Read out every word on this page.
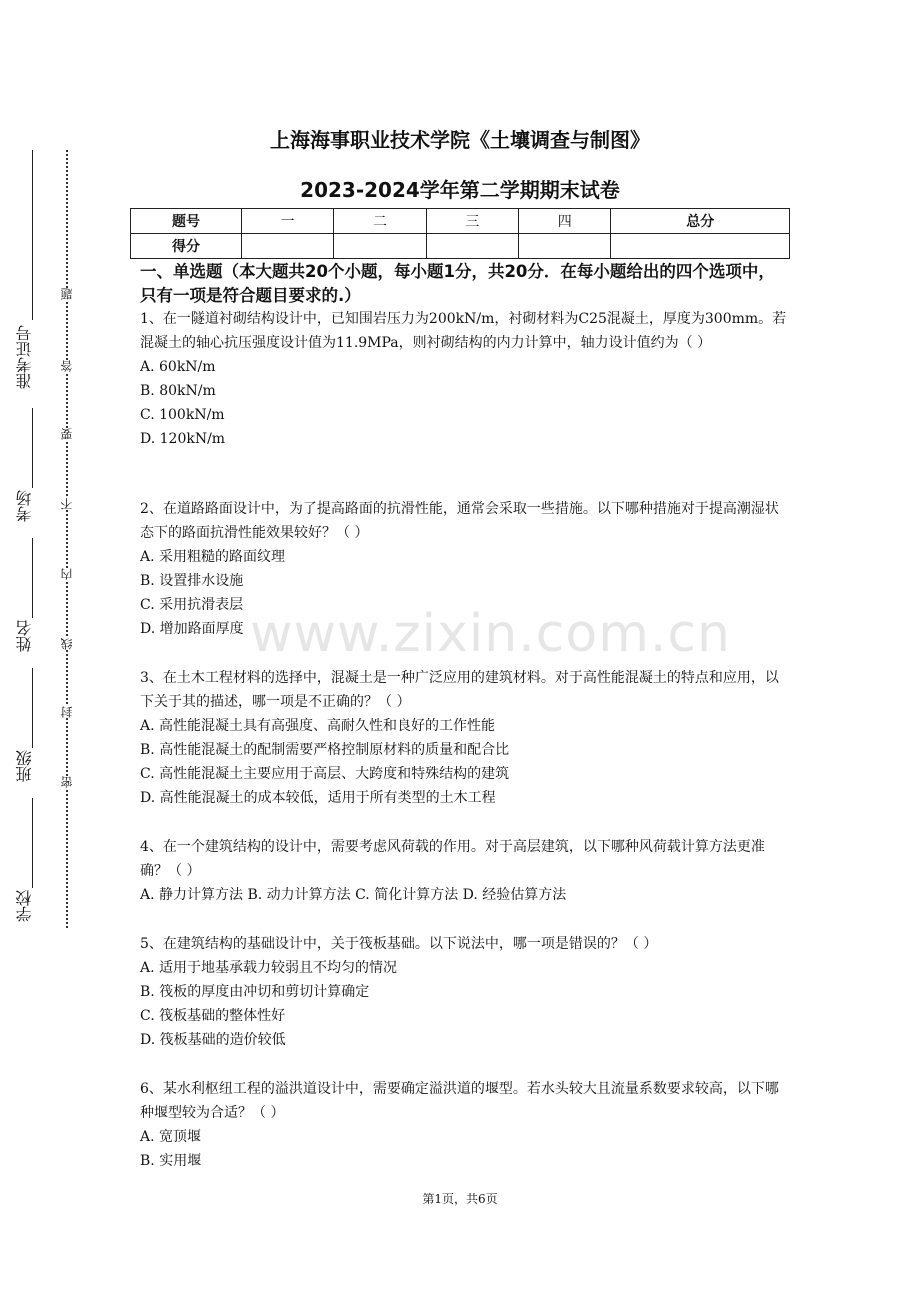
准考证号
考场
姓名
班级
学校
题
答
要
不
内
线
封
密
上海海事职业技术学院《土壤调查与制图》
2023-2024学年第二学期期末试卷
题号	一	二	三	四	总分
得分					
一、单选题（本大题共20个小题，每小题1分，共20分．在每小题给出的四个选项中，只有一项是符合题目要求的.）
1、在一隧道衬砌结构设计中，已知围岩压力为200kN/m，衬砌材料为C25混凝土，厚度为300mm。若混凝土的轴心抗压强度设计值为11.9MPa，则衬砌结构的内力计算中，轴力设计值约为（ ）
A. 60kN/m
B. 80kN/m
C. 100kN/m
D. 120kN/m
2、在道路路面设计中，为了提高路面的抗滑性能，通常会采取一些措施。以下哪种措施对于提高潮湿状态下的路面抗滑性能效果较好？（ ）
A. 采用粗糙的路面纹理
B. 设置排水设施
C. 采用抗滑表层
D. 增加路面厚度
3、在土木工程材料的选择中，混凝土是一种广泛应用的建筑材料。对于高性能混凝土的特点和应用，以下关于其的描述，哪一项是不正确的？（ ）
A. 高性能混凝土具有高强度、高耐久性和良好的工作性能
B. 高性能混凝土的配制需要严格控制原材料的质量和配合比
C. 高性能混凝土主要应用于高层、大跨度和特殊结构的建筑
D. 高性能混凝土的成本较低，适用于所有类型的土木工程
4、在一个建筑结构的设计中，需要考虑风荷载的作用。对于高层建筑，以下哪种风荷载计算方法更准确？（ ）
A. 静力计算方法 B. 动力计算方法 C. 简化计算方法 D. 经验估算方法
5、在建筑结构的基础设计中，关于筏板基础。以下说法中，哪一项是错误的？（ ）
A. 适用于地基承载力较弱且不均匀的情况
B. 筏板的厚度由冲切和剪切计算确定
C. 筏板基础的整体性好
D. 筏板基础的造价较低
6、某水利枢纽工程的溢洪道设计中，需要确定溢洪道的堰型。若水头较大且流量系数要求较高，以下哪种堰型较为合适？（ ）
A. 宽顶堰
B. 实用堰
www.zixin.com.cn
第1页，共6页
